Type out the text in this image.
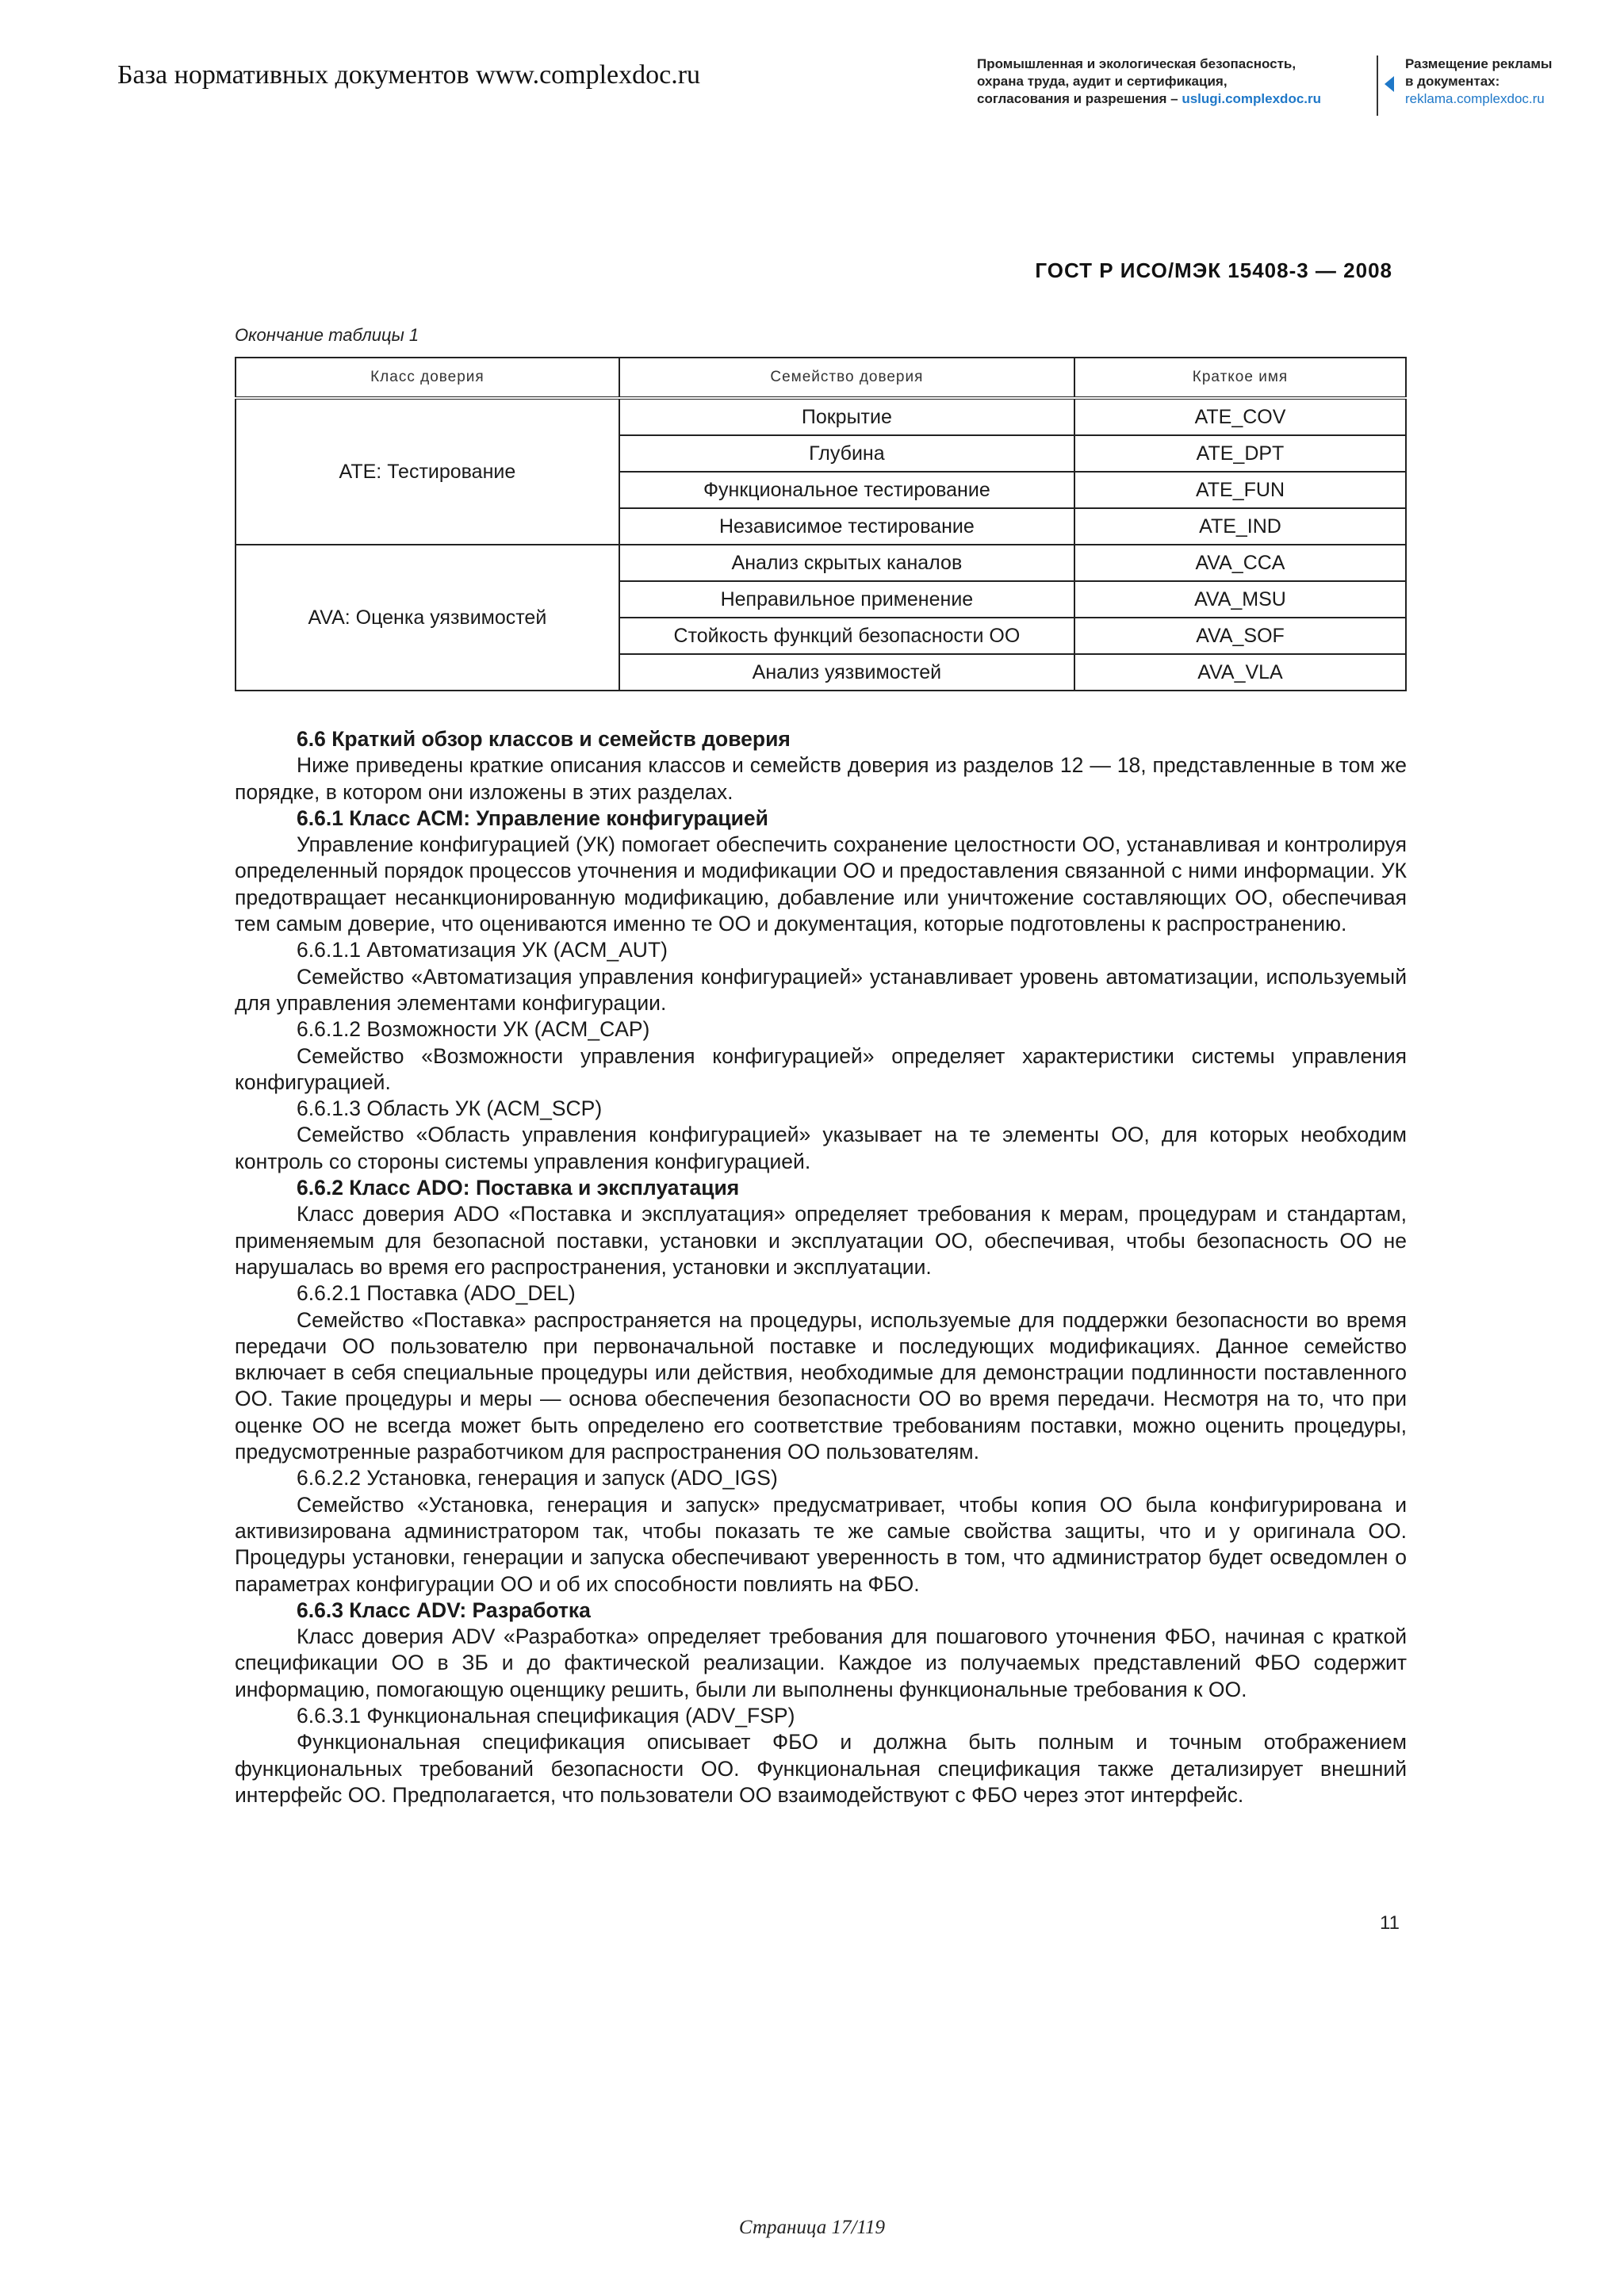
База нормативных документов www.complexdoc.ru	Промышленная и экологическая безопасность,
охрана труда, аудит и сертификация,
согласования и разрешения – uslugi.complexdoc.ru
Размещение рекламы
в документах:
reklama.complexdoc.ru
ГОСТ Р ИСО/МЭК 15408-3 — 2008
Окончание таблицы 1
Класс доверия	Семейство доверия	Краткое имя
ATE: Тестирование	Покрытие	ATE_COV
	Глубина	ATE_DPT
	Функциональное тестирование	ATE_FUN
	Независимое тестирование	ATE_IND
AVA: Оценка уязвимостей	Анализ скрытых каналов	AVA_CCA
	Неправильное применение	AVA_MSU
	Стойкость функций безопасности ОО	AVA_SOF
	Анализ уязвимостей	AVA_VLA

6.6 Краткий обзор классов и семейств доверия

Ниже приведены краткие описания классов и семейств доверия из разделов 12 — 18, представленные в том же порядке, в котором они изложены в этих разделах.

6.6.1 Класс АСМ: Управление конфигурацией

Управление конфигурацией (УК) помогает обеспечить сохранение целостности ОО, устанавливая и контролируя определенный порядок процессов уточнения и модификации ОО и предоставления связанной с ними информации. УК предотвращает несанкционированную модификацию, добавление или уничтожение составляющих ОО, обеспечивая тем самым доверие, что оцениваются именно те ОО и документация, которые подготовлены к распространению.

6.6.1.1 Автоматизация УК (ACM_AUT)

Семейство «Автоматизация управления конфигурацией» устанавливает уровень автоматизации, используемый для управления элементами конфигурации.

6.6.1.2 Возможности УК (ACM_CAP)

Семейство «Возможности управления конфигурацией» определяет характеристики системы управления конфигурацией.

6.6.1.3 Область УК (ACM_SCP)

Семейство «Область управления конфигурацией» указывает на те элементы ОО, для которых необходим контроль со стороны системы управления конфигурацией.

6.6.2 Класс ADO: Поставка и эксплуатация

Класс доверия ADO «Поставка и эксплуатация» определяет требования к мерам, процедурам и стандартам, применяемым для безопасной поставки, установки и эксплуатации ОО, обеспечивая, чтобы безопасность ОО не нарушалась во время его распространения, установки и эксплуатации.

6.6.2.1 Поставка (ADO_DEL)

Семейство «Поставка» распространяется на процедуры, используемые для поддержки безопасности во время передачи ОО пользователю при первоначальной поставке и последующих модификациях. Данное семейство включает в себя специальные процедуры или действия, необходимые для демонстрации подлинности поставленного ОО. Такие процедуры и меры — основа обеспечения безопасности ОО во время передачи. Несмотря на то, что при оценке ОО не всегда может быть определено его соответствие требованиям поставки, можно оценить процедуры, предусмотренные разработчиком для распространения ОО пользователям.

6.6.2.2 Установка, генерация и запуск (ADO_IGS)

Семейство «Установка, генерация и запуск» предусматривает, чтобы копия ОО была конфигурирована и активизирована администратором так, чтобы показать те же самые свойства защиты, что и у оригинала ОО. Процедуры установки, генерации и запуска обеспечивают уверенность в том, что администратор будет осведомлен о параметрах конфигурации ОО и об их способности повлиять на ФБО.

6.6.3 Класс ADV: Разработка

Класс доверия ADV «Разработка» определяет требования для пошагового уточнения ФБО, начиная с краткой спецификации ОО в ЗБ и до фактической реализации. Каждое из получаемых представлений ФБО содержит информацию, помогающую оценщику решить, были ли выполнены функциональные требования к ОО.

6.6.3.1 Функциональная спецификация (ADV_FSP)

Функциональная спецификация описывает ФБО и должна быть полным и точным отображением функциональных требований безопасности ОО. Функциональная спецификация также детализирует внешний интерфейс ОО. Предполагается, что пользователи ОО взаимодействуют с ФБО через этот интерфейс.

11
Страница 17/119
